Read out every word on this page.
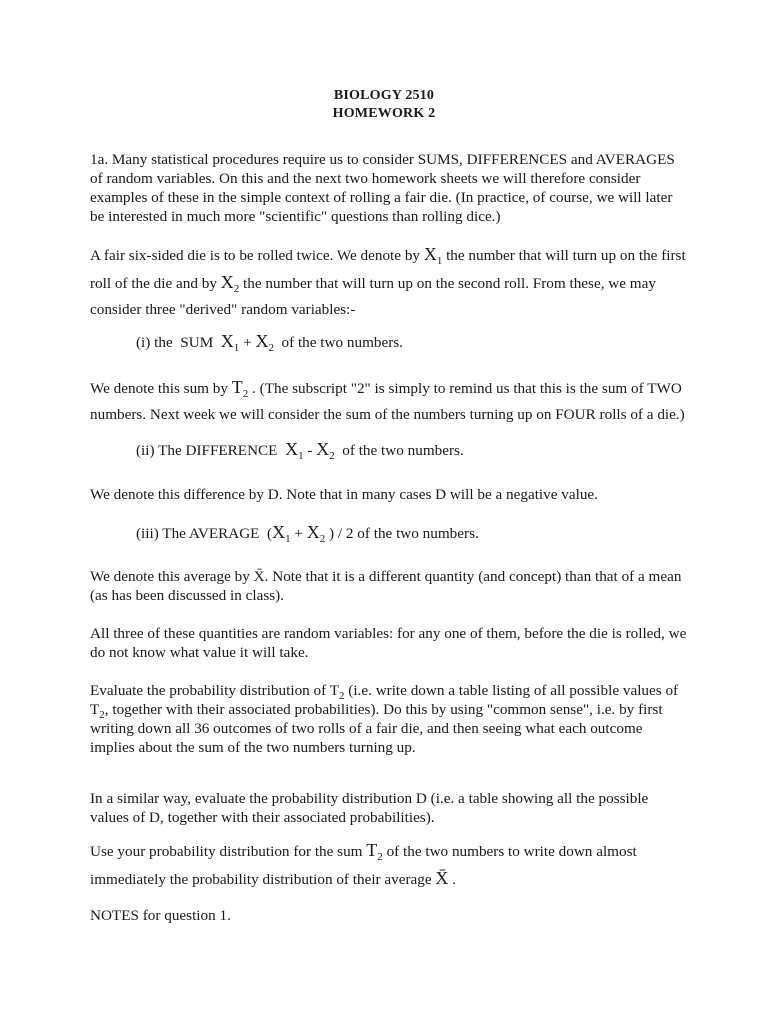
BIOLOGY 2510
HOMEWORK 2
1a. Many statistical procedures require us to consider SUMS, DIFFERENCES and AVERAGES of random variables. On this and the next two homework sheets we will therefore consider examples of these in the simple context of rolling a fair die. (In practice, of course, we will later be interested in much more "scientific" questions than rolling dice.)
A fair six-sided die is to be rolled twice. We denote by $X_1$ the number that will turn up on the first roll of the die and by $X_2$ the number that will turn up on the second roll. From these, we may consider three "derived" random variables:-
(i) the  SUM  $X_1 + X_2$  of the two numbers.
We denote this sum by $T_2$ . (The subscript "2" is simply to remind us that this is the sum of TWO numbers. Next week we will consider the sum of the numbers turning up on FOUR rolls of a die.)
(ii) The DIFFERENCE  $X_1 - X_2$  of the two numbers.
We denote this difference by D. Note that in many cases D will be a negative value.
(iii) The AVERAGE  ($X_1 + X_2$ ) / 2 of the two numbers.
We denote this average by X̄. Note that it is a different quantity (and concept) than that of a mean (as has been discussed in class).
All three of these quantities are random variables: for any one of them, before the die is rolled, we do not know what value it will take.
Evaluate the probability distribution of $T_2$ (i.e. write down a table listing of all possible values of $T_2$, together with their associated probabilities). Do this by using "common sense", i.e. by first writing down all 36 outcomes of two rolls of a fair die, and then seeing what each outcome implies about the sum of the two numbers turning up.
In a similar way, evaluate the probability distribution D (i.e. a table showing all the possible values of D, together with their associated probabilities).
Use your probability distribution for the sum $T_2$ of the two numbers to write down almost immediately the probability distribution of their average X̄ .
NOTES for question 1.
